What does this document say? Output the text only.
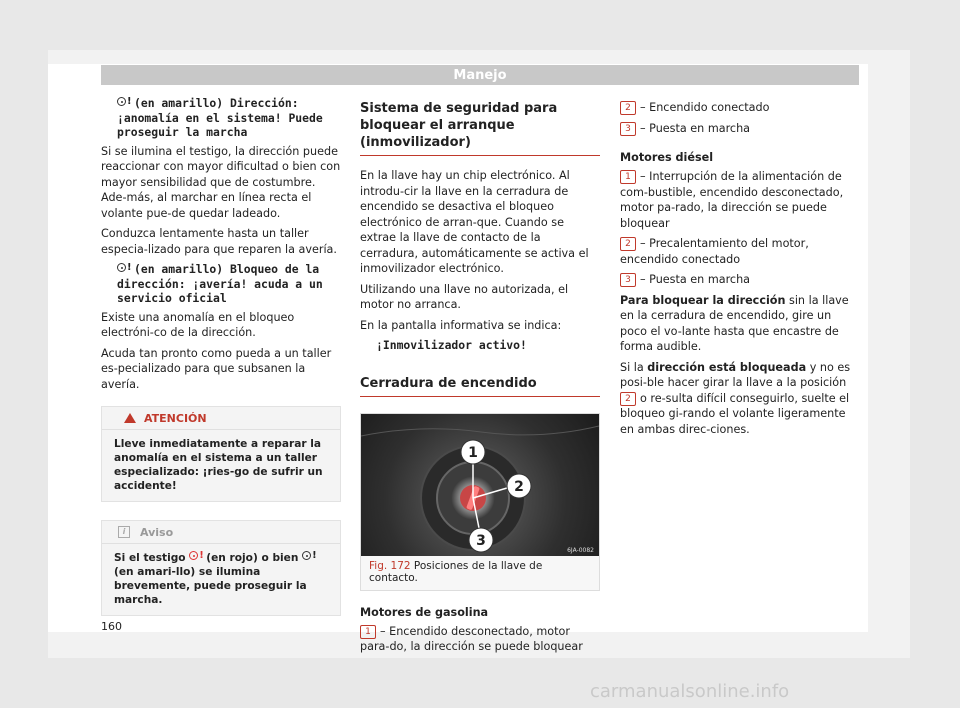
Manejo

! (en amarillo) Dirección: ¡anomalía en el sistema! Puede proseguir la marcha

Si se ilumina el testigo, la dirección puede reaccionar con mayor dificultad o bien con mayor sensibilidad que de costumbre. Ade-más, al marchar en línea recta el volante pue-de quedar ladeado.

Conduzca lentamente hasta un taller especia-lizado para que reparen la avería.

! (en amarillo) Bloqueo de la dirección: ¡avería! acuda a un servicio oficial

Existe una anomalía en el bloqueo electróni-co de la dirección.

Acuda tan pronto como pueda a un taller es-pecializado para que subsanen la avería.

ATENCIÓN
Lleve inmediatamente a reparar la anomalía en el sistema a un taller especializado: ¡ries-go de sufrir un accidente!
i	Aviso
Si el testigo ! (en rojo) o bien !
(en amari-llo) se ilumina brevemente, puede proseguir la marcha.
Sistema de seguridad para bloquear el arranque (inmovilizador)

En la llave hay un chip electrónico. Al introdu-cir la llave en la cerradura de encendido se desactiva el bloqueo electrónico de arran-que. Cuando se extrae la llave de contacto de la cerradura, automáticamente se activa el inmovilizador electrónico.

Utilizando una llave no autorizada, el motor no arranca.

En la pantalla informativa se indica:

¡Inmovilizador activo!

Cerradura de encendido
1
2
3
6JA-0082
Fig. 172 Posiciones de la llave de contacto.
Motores de gasolina

1 – Encendido desconectado, motor para-do, la dirección se puede bloquear

2 – Encendido conectado

3 – Puesta en marcha

Motores diésel

1 – Interrupción de la alimentación de com-bustible, encendido desconectado, motor pa-rado, la dirección se puede bloquear

2 – Precalentamiento del motor, encendido conectado

3 – Puesta en marcha

Para bloquear la dirección sin la llave en la cerradura de encendido, gire un poco el vo-lante hasta que encastre de forma audible.

Si la dirección está bloqueada y no es posi-ble hacer girar la llave a la posición 2 o re-sulta difícil conseguirlo, suelte el bloqueo gi-rando el volante ligeramente en ambas direc-ciones.

160
carmanualsonline.info
